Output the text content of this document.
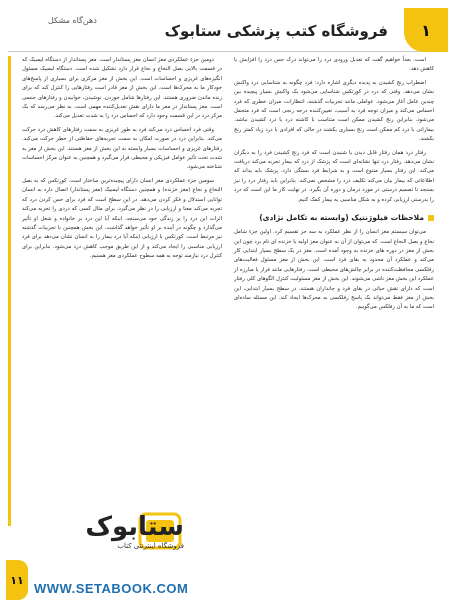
۱
فروشگاه کتب پزشکی ستابوک
ذهن‌گاه مشکل

است. بعداً خواهیم گفت که تعدیل ورودی درد را می‌تواند درک حس درد را افزایش یا کاهش دهد.

اضطراب رنج کشیدن به پدیده دیگری اشاره دارد: فرد چگونه به شناسایی درد واکنش نشان می‌دهد. وقتی که درد در کورتکس شناسایی می‌شود یک واکنش بسیار پیچیده بین چندین عامل آغاز می‌شود. عواملی مانند تجربیات گذشته، انتظارات، میزان خطری که فرد احساس می‌کند و میزان توجه فرد به آسیب، تعیین‌کننده درجه رنجی است که فرد متحمل می‌شود. بنابراین رنج کشیدن ممکن است متناسب با کاشته درد یا درد کشیدن نباشد. بیمارانی با درد کم ممکن است رنج بسیاری بکشند در حالی که افرادی با درد زیاد کمتر رنج بکشند.

رفتار درد همان رفتار قابل دیدن یا شنیدن است که فرد رنج کشیدن فرد را به دیگران نشان می‌دهد. رفتار درد تنها نشانه‌ای است که پزشک از درد که بیمار تجربه می‌کند دریافت می‌کند. این رفتار بسیار متنوع است و به شرایط فرد بستگی دارد. پزشک باید بداند که اطلاعاتی که بیمار بیان می‌کند تکلیف درد را مشخص نمی‌کند. بنابراین باید رفتار درد را نیز بسنجد تا تصمیم درستی در مورد درمان و دوره آن بگیرد. در نهایت کار ما این است که درد را بدرستی ارزیابی کرده و به شکل مناسبی به بیمار کمک کنیم.

ملاحظات فیلوژنتیک (وابسته به تکامل نژادی)

می‌توان سیستم مغز انسان را از نظر عملکرد به سه جز تقسیم کرد. اولین جزء شامل نخاع و بصل النخاع است. که می‌توان از آن به عنوان مغز اولیه یا خزنده ای نام برد چون این بخش از مغز در دوره های خزنده به وجود آمده است. مغز در یک سطح بسیار ابتدایی کار می‌کند و عملکرد آن محدود به بقای فرد است. این بخش از مغز مسئول فعالیت‌های رفلکسی محافظت‌کننده در برابر چالش‌های محیطی است. رفتارهایی مانند فرار یا مبارزه از عملکرد این بخش مغز ناشی می‌شوند. این بخش از مغز مسئولیت کنترل الگوهای کلی رفتار است که دارای نقش حیاتی در بقای فرد و جانداران هستند. در سطح بسیار ابتدایی، این بخش از مغز فقط می‌تواند یک پاسخ رفلکسی به محرک‌ها ایجاد کند. این مسئله ساده‌ای است که ما به آن رفلکس می‌گوییم.

دومین جزء عملکردی مغز انسان مغز پستاندار است. مغز پستاندار از دستگاه لیمبیک که در قسمت بالایی بصل النخاع و نخاع قرار دارد تشکیل شده است. دستگاه لیمبیک مسئول انگیزه‌های غریزی و احساسات است. این بخش از مغز مرکزی برای بسیاری از پاسخ‌های خودکار ما به محرک‌ها است. این بخش از مغز قادر است رفتارهایی را کنترل کند که برای زنده ماندن ضروری هستند. این رفتارها شامل خوردن، نوشیدن، خوابیدن و رفتارهای جنسی است. مغز پستاندار در مغز ما دارای نقش تعدیل‌کننده مهمی است. به نظر می‌رسد که یک مرکز درد در این قسمت وجود دارد که احساس درد را به شدت تعدیل می‌کند.

وقتی فرد احساس درد می‌کند فرد به طور غریزی به سمت رفتارهای کاهش درد حرکت می‌کند. بنابراین درد در صورت امکان به سمت تجربه‌های حفاظتی از خطر حرکت می‌کند. رفتارهای غریزی و احساسات بسیار وابسته به این بخش از مغز هستند. این بخش از مغز به شدت تحت تأثیر عوامل فیزیکی و محیطی قرار می‌گیرد و همچنین به عنوان مرکز احساسات شناخته می‌شود.

سومین جزء عملکردی مغز انسان دارای پیچیده‌ترین ساختار است. کورتکس که به بصل النخاع و نخاع (مغز خزنده) و همچنین دستگاه لیمبیک (مغز پستاندار) اتصال دارد به انسان توانایی استدلال و فکر کردن می‌دهد. در این سطح است که فرد برای حس کردن درد که تجربه می‌کند معنا و ارزیابی را در نظر می‌گیرد. برای مثال کسی که دردی را تجربه می‌کند اثرات این درد را بر زندگی خود می‌سنجد. اینکه آیا این درد بر خانواده و شغل او تأثیر می‌گذارد و چگونه در آینده بر او تأثیر خواهد گذاشت. این بخش همچنین با تجربیات گذشته نیز مرتبط است. کورتکس با ارزیابی اینکه آیا درد بیمار را به انسان نشان می‌دهد برای فرد ارزیابی مناسبی را ایجاد می‌کند و از این طریق موجب کاهش درد می‌شود. بنابراین برای کنترل درد نیازمند توجه به همه سطوح عملکردی مغز هستیم.

ستابوک
فروشگاه اینترنتی کتاب
WWW.SETABOOK.COM
۱۱
